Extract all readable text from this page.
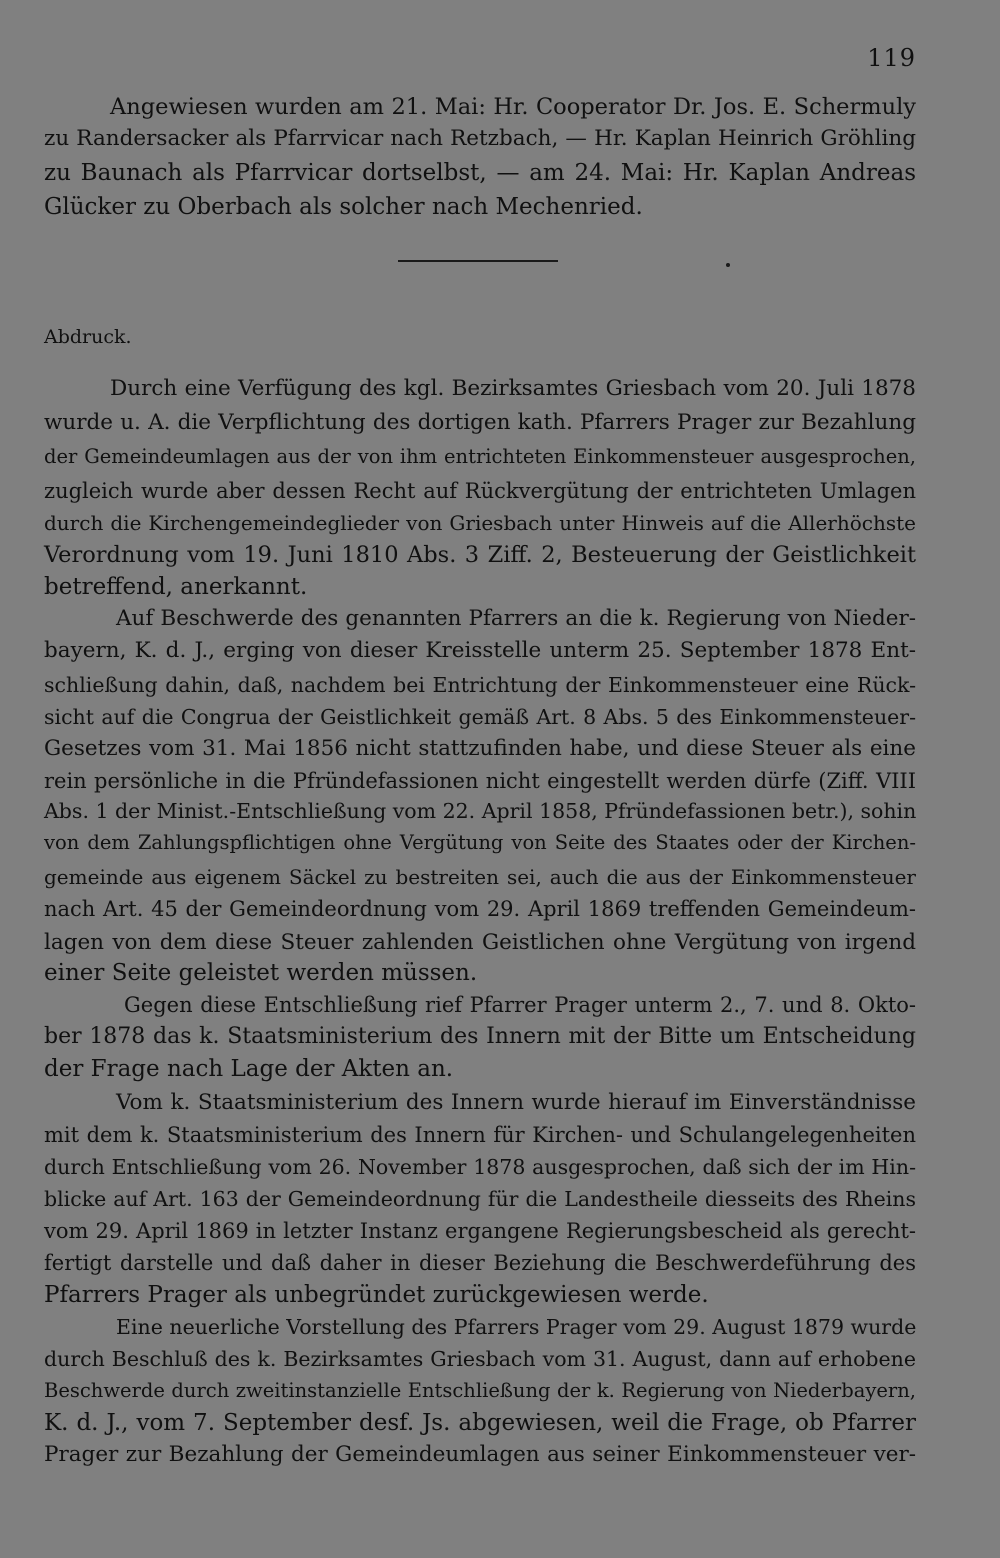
119
Angewiesen wurden am 21. Mai: Hr. Cooperator Dr. Jos. E. Schermuly
zu Randersacker als Pfarrvicar nach Retzbach, — Hr. Kaplan Heinrich Gröhling
zu Baunach als Pfarrvicar dortselbst, — am 24. Mai: Hr. Kaplan Andreas
Glücker zu Oberbach als solcher nach Mechenried.
Abdruck.
Durch eine Verfügung des kgl. Bezirksamtes Griesbach vom 20. Juli 1878
wurde u. A. die Verpflichtung des dortigen kath. Pfarrers Prager zur Bezahlung
der Gemeindeumlagen aus der von ihm entrichteten Einkommensteuer ausgesprochen,
zugleich wurde aber dessen Recht auf Rückvergütung der entrichteten Umlagen
durch die Kirchengemeindeglieder von Griesbach unter Hinweis auf die Allerhöchste
Verordnung vom 19. Juni 1810 Abs. 3 Ziff. 2, Besteuerung der Geistlichkeit
betreffend, anerkannt.
Auf Beschwerde des genannten Pfarrers an die k. Regierung von Nieder-
bayern, K. d. J., erging von dieser Kreisstelle unterm 25. September 1878 Ent-
schließung dahin, daß, nachdem bei Entrichtung der Einkommensteuer eine Rück-
sicht auf die Congrua der Geistlichkeit gemäß Art. 8 Abs. 5 des Einkommensteuer-
Gesetzes vom 31. Mai 1856 nicht stattzufinden habe, und diese Steuer als eine
rein persönliche in die Pfründefassionen nicht eingestellt werden dürfe (Ziff. VIII
Abs. 1 der Minist.-Entschließung vom 22. April 1858, Pfründefassionen betr.), sohin
von dem Zahlungspflichtigen ohne Vergütung von Seite des Staates oder der Kirchen-
gemeinde aus eigenem Säckel zu bestreiten sei, auch die aus der Einkommensteuer
nach Art. 45 der Gemeindeordnung vom 29. April 1869 treffenden Gemeindeum-
lagen von dem diese Steuer zahlenden Geistlichen ohne Vergütung von irgend
einer Seite geleistet werden müssen.
Gegen diese Entschließung rief Pfarrer Prager unterm 2., 7. und 8. Okto-
ber 1878 das k. Staatsministerium des Innern mit der Bitte um Entscheidung
der Frage nach Lage der Akten an.
Vom k. Staatsministerium des Innern wurde hierauf im Einverständnisse
mit dem k. Staatsministerium des Innern für Kirchen- und Schulangelegenheiten
durch Entschließung vom 26. November 1878 ausgesprochen, daß sich der im Hin-
blicke auf Art. 163 der Gemeindeordnung für die Landestheile diesseits des Rheins
vom 29. April 1869 in letzter Instanz ergangene Regierungsbescheid als gerecht-
fertigt darstelle und daß daher in dieser Beziehung die Beschwerdeführung des
Pfarrers Prager als unbegründet zurückgewiesen werde.
Eine neuerliche Vorstellung des Pfarrers Prager vom 29. August 1879 wurde
durch Beschluß des k. Bezirksamtes Griesbach vom 31. August, dann auf erhobene
Beschwerde durch zweitinstanzielle Entschließung der k. Regierung von Niederbayern,
K. d. J., vom 7. September desf. Js. abgewiesen, weil die Frage, ob Pfarrer
Prager zur Bezahlung der Gemeindeumlagen aus seiner Einkommensteuer ver-
